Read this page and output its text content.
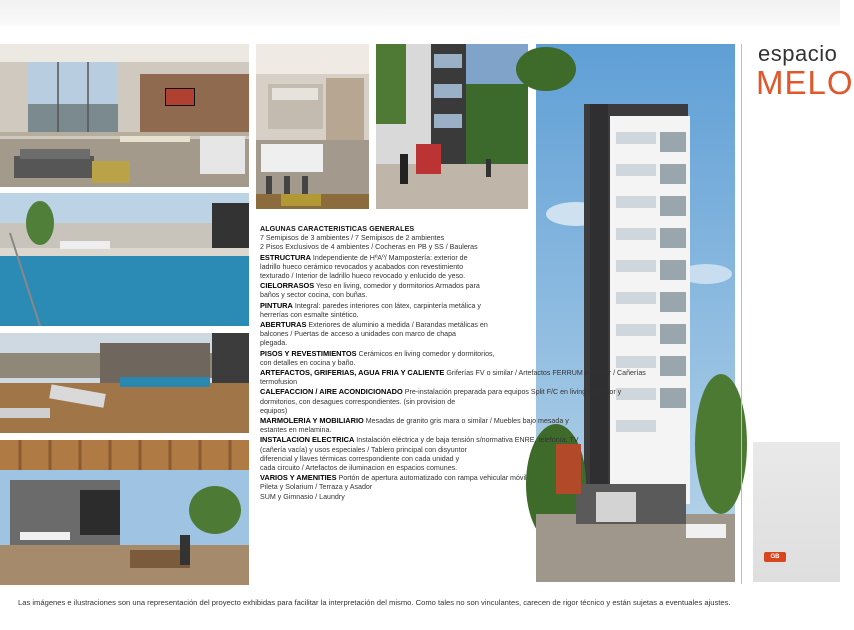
ALGUNAS CARACTERISTICAS GENERALES
7 Semipisos de 3 ambientes / 7 Semipisos de 2 ambientes
2 Pisos Exclusivos de 4 ambientes / Cocheras en PB y SS / Bauleras
ESTRUCTURA Independiente de HºAº/ Mampostería: exterior de
ladrillo hueco cerámico revocados y acabados con revestimiento
texturado / Interior de ladrillo hueco revocado y enlucido de yeso.
CIELORRASOS Yeso en living, comedor y dormitorios Armados para
baños y sector cocina, con buñas.
PINTURA Integral: paredes interiores con látex, carpintería metálica y
herrerías con esmalte sintético.
ABERTURAS Exteriores de aluminio a medida / Barandas metálicas en
balcones / Puertas de acceso a unidades con marco de chapa
plegada.
PISOS Y REVESTIMIENTOS Cerámicos en living comedor y dormitorios,
con detalles en cocina y baño.
ARTEFACTOS, GRIFERIAS, AGUA FRIA Y CALIENTE Griferías FV o similar / Artefactos FERRUM o similar / Cañerías
termofusion
CALEFACCION / AIRE ACONDICIONADO Pre-instalación preparada para equipos Split F/C en living comedor y
dormitorios, con desagues correspondientes. (sin provision de
equipos)
MARMOLERIA Y MOBILIARIO Mesadas de granito gris mara o similar / Muebles bajo mesada y
estantes en melamina.
INSTALACION ELECTRICA Instalación eléctrica y de baja tensión s/normativa ENRE, telefonía, TV
(cañería vacía) y usos especiales / Tablero principal con disyuntor
diferencial y llaves térmicas correspondiente con cada unidad y
cada circuito / Artefactos de iluminacion en espacios comunes.
VARIOS Y AMENITIES Portón de apertura automatizado con rampa vehicular móvil
Pileta y Solarium / Terraza y Asador
SUM y Gimnasio / Laundry
espacio
MELO
GB
Las imágenes e ilustraciones son una representación del proyecto exhibidas para facilitar la interpretación del mismo. Como tales no son vinculantes, carecen de rigor técnico y están sujetas a eventuales ajustes.
